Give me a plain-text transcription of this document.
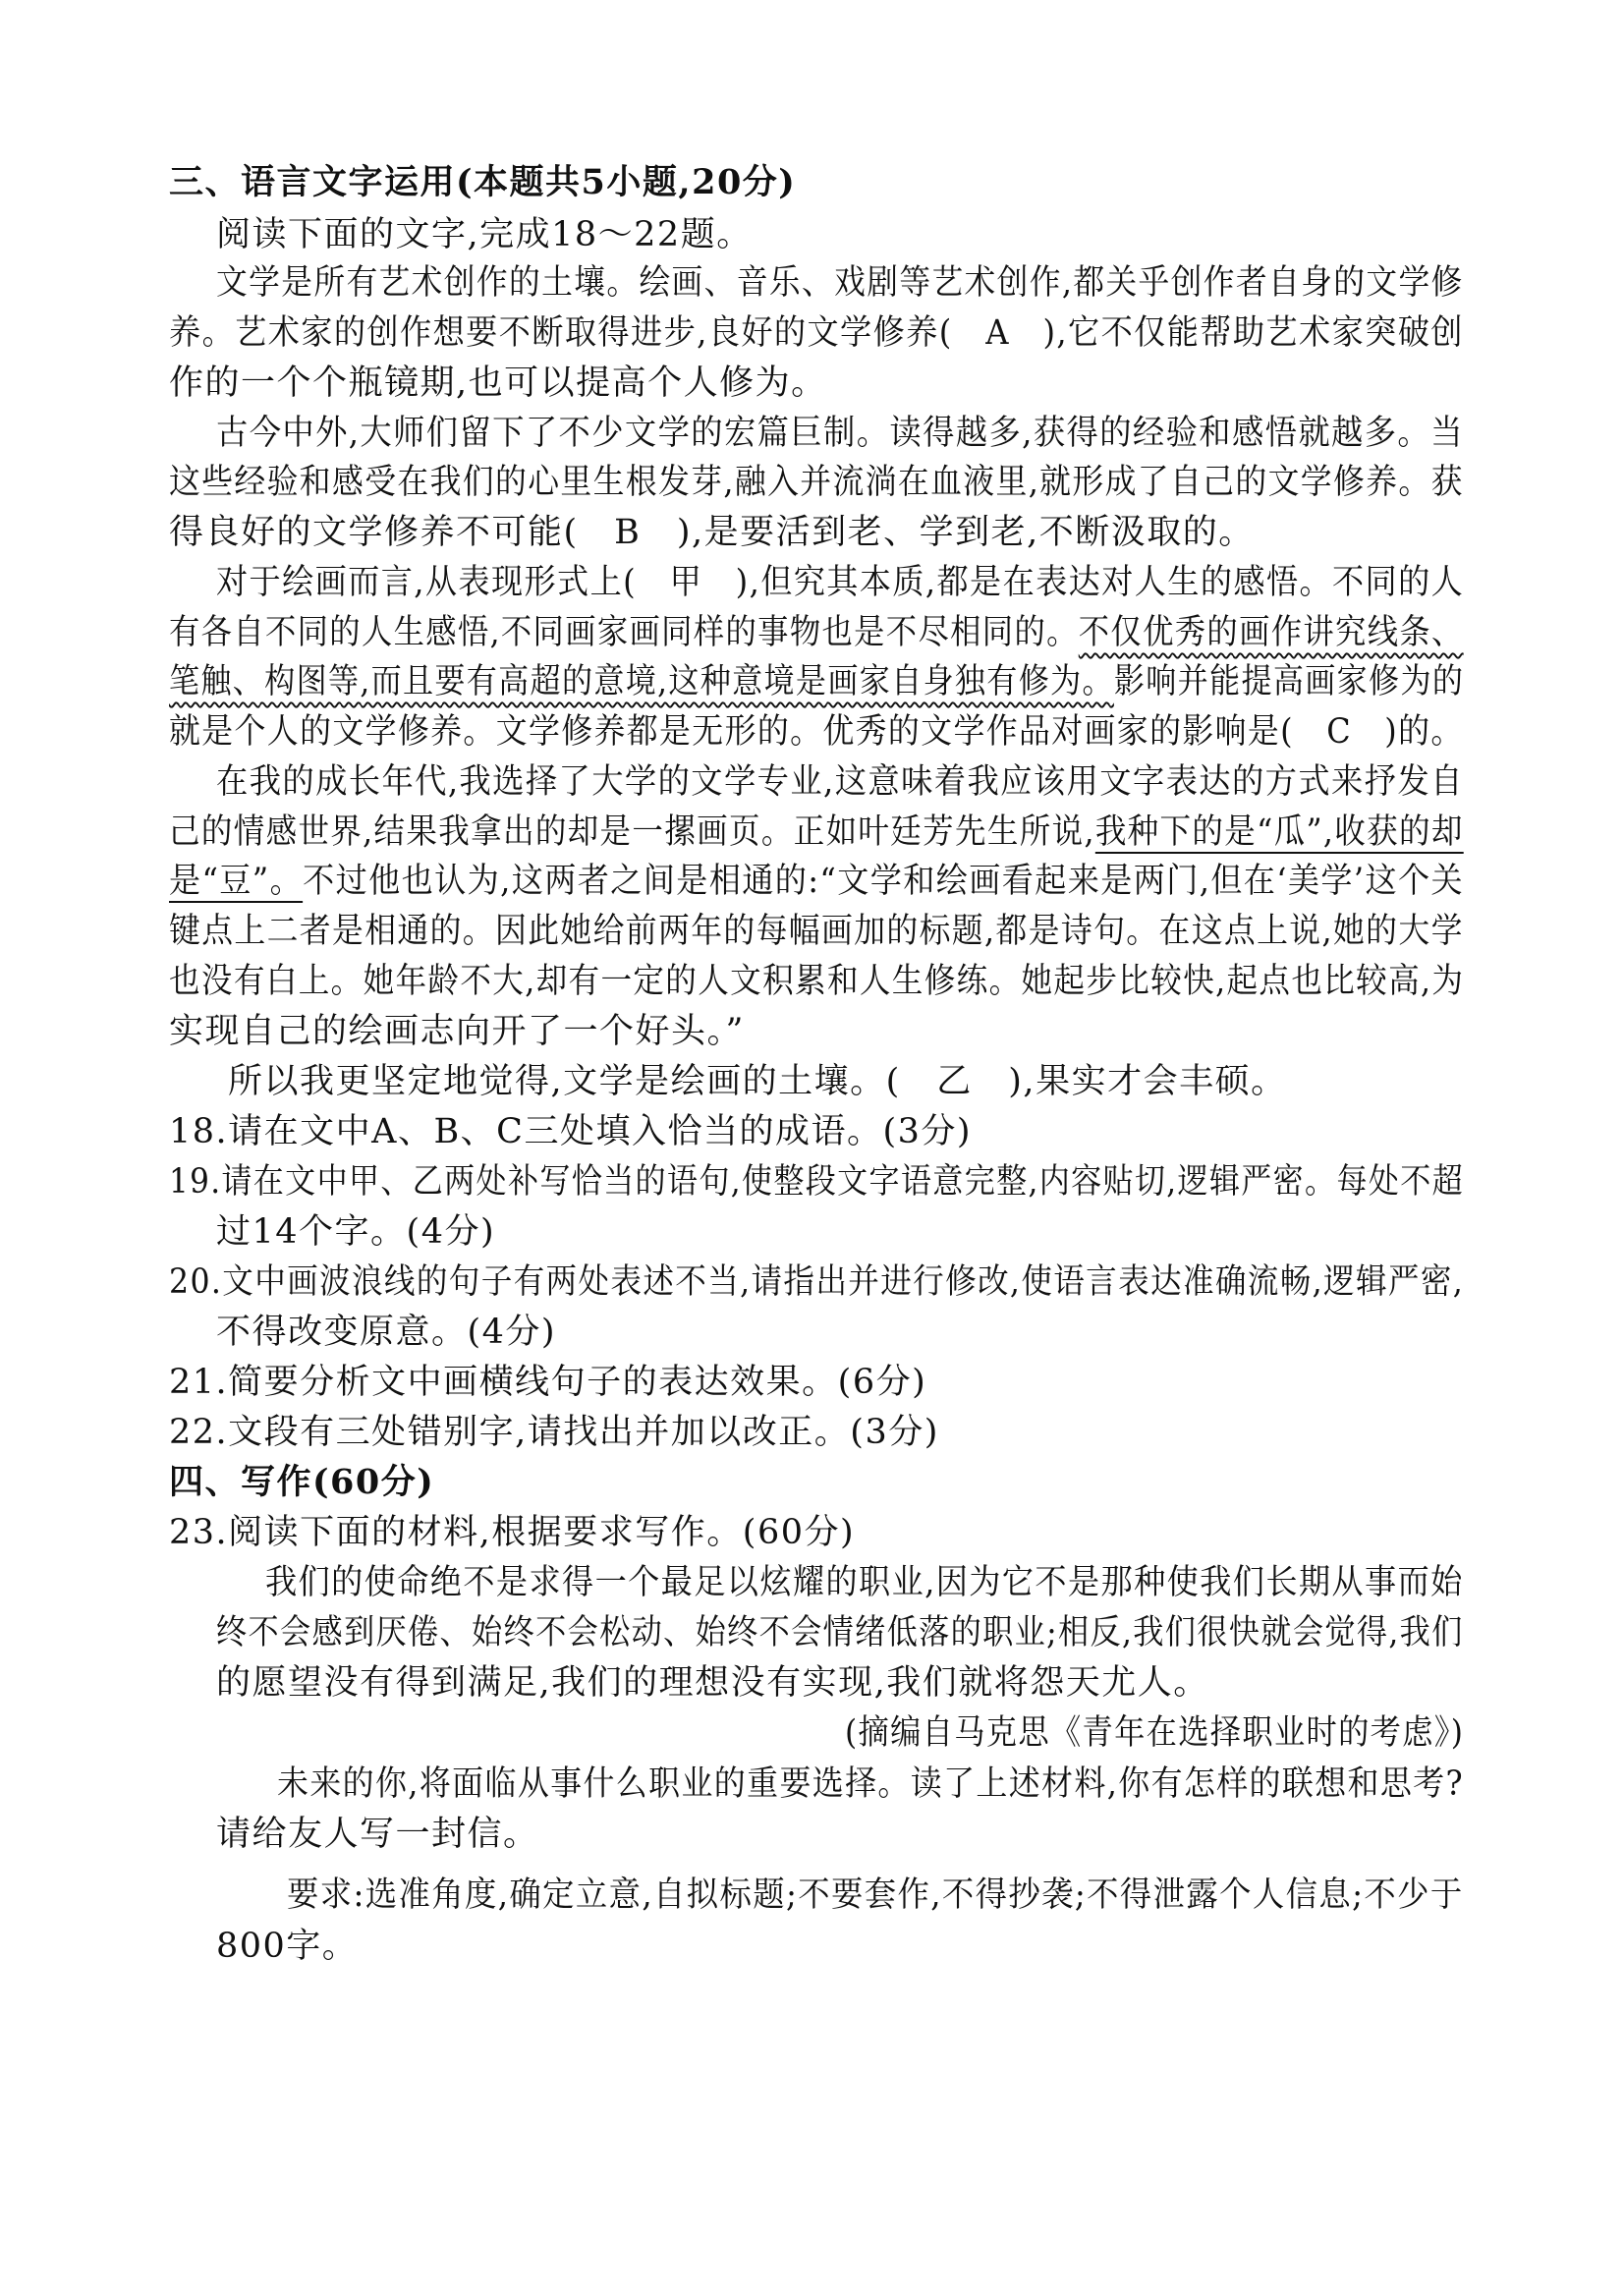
三、语言文字运用(本题共5小题,20分)
阅读下面的文字,完成18～22题。
文学是所有艺术创作的土壤。绘画、音乐、戏剧等艺术创作,都关乎创作者自身的文学修
养。艺术家的创作想要不断取得进步,良好的文学修养(　A　),它不仅能帮助艺术家突破创
作的一个个瓶镜期,也可以提高个人修为。
古今中外,大师们留下了不少文学的宏篇巨制。读得越多,获得的经验和感悟就越多。当
这些经验和感受在我们的心里生根发芽,融入并流淌在血液里,就形成了自己的文学修养。获
得良好的文学修养不可能(　B　),是要活到老、学到老,不断汲取的。
对于绘画而言,从表现形式上(　甲　),但究其本质,都是在表达对人生的感悟。不同的人
有各自不同的人生感悟,不同画家画同样的事物也是不尽相同的。不仅优秀的画作讲究线条、
笔触、构图等,而且要有高超的意境,这种意境是画家自身独有修为。影响并能提高画家修为的
就是个人的文学修养。文学修养都是无形的。优秀的文学作品对画家的影响是(　C　)的。
在我的成长年代,我选择了大学的文学专业,这意味着我应该用文字表达的方式来抒发自
己的情感世界,结果我拿出的却是一摞画页。正如叶廷芳先生所说,我种下的是“瓜”,收获的却
是“豆”。不过他也认为,这两者之间是相通的:“文学和绘画看起来是两门,但在‘美学’这个关
键点上二者是相通的。因此她给前两年的每幅画加的标题,都是诗句。在这点上说,她的大学
也没有白上。她年龄不大,却有一定的人文积累和人生修练。她起步比较快,起点也比较高,为
实现自己的绘画志向开了一个好头。”
所以我更坚定地觉得,文学是绘画的土壤。(　乙　),果实才会丰硕。
18.请在文中A、B、C三处填入恰当的成语。(3分)
19.请在文中甲、乙两处补写恰当的语句,使整段文字语意完整,内容贴切,逻辑严密。每处不超
过14个字。(4分)
20.文中画波浪线的句子有两处表述不当,请指出并进行修改,使语言表达准确流畅,逻辑严密,
不得改变原意。(4分)
21.简要分析文中画横线句子的表达效果。(6分)
22.文段有三处错别字,请找出并加以改正。(3分)
四、写作(60分)
23.阅读下面的材料,根据要求写作。(60分)
我们的使命绝不是求得一个最足以炫耀的职业,因为它不是那种使我们长期从事而始
终不会感到厌倦、始终不会松动、始终不会情绪低落的职业;相反,我们很快就会觉得,我们
的愿望没有得到满足,我们的理想没有实现,我们就将怨天尤人。
(摘编自马克思《青年在选择职业时的考虑》)
未来的你,将面临从事什么职业的重要选择。读了上述材料,你有怎样的联想和思考?
请给友人写一封信。
要求:选准角度,确定立意,自拟标题;不要套作,不得抄袭;不得泄露个人信息;不少于
800字。
